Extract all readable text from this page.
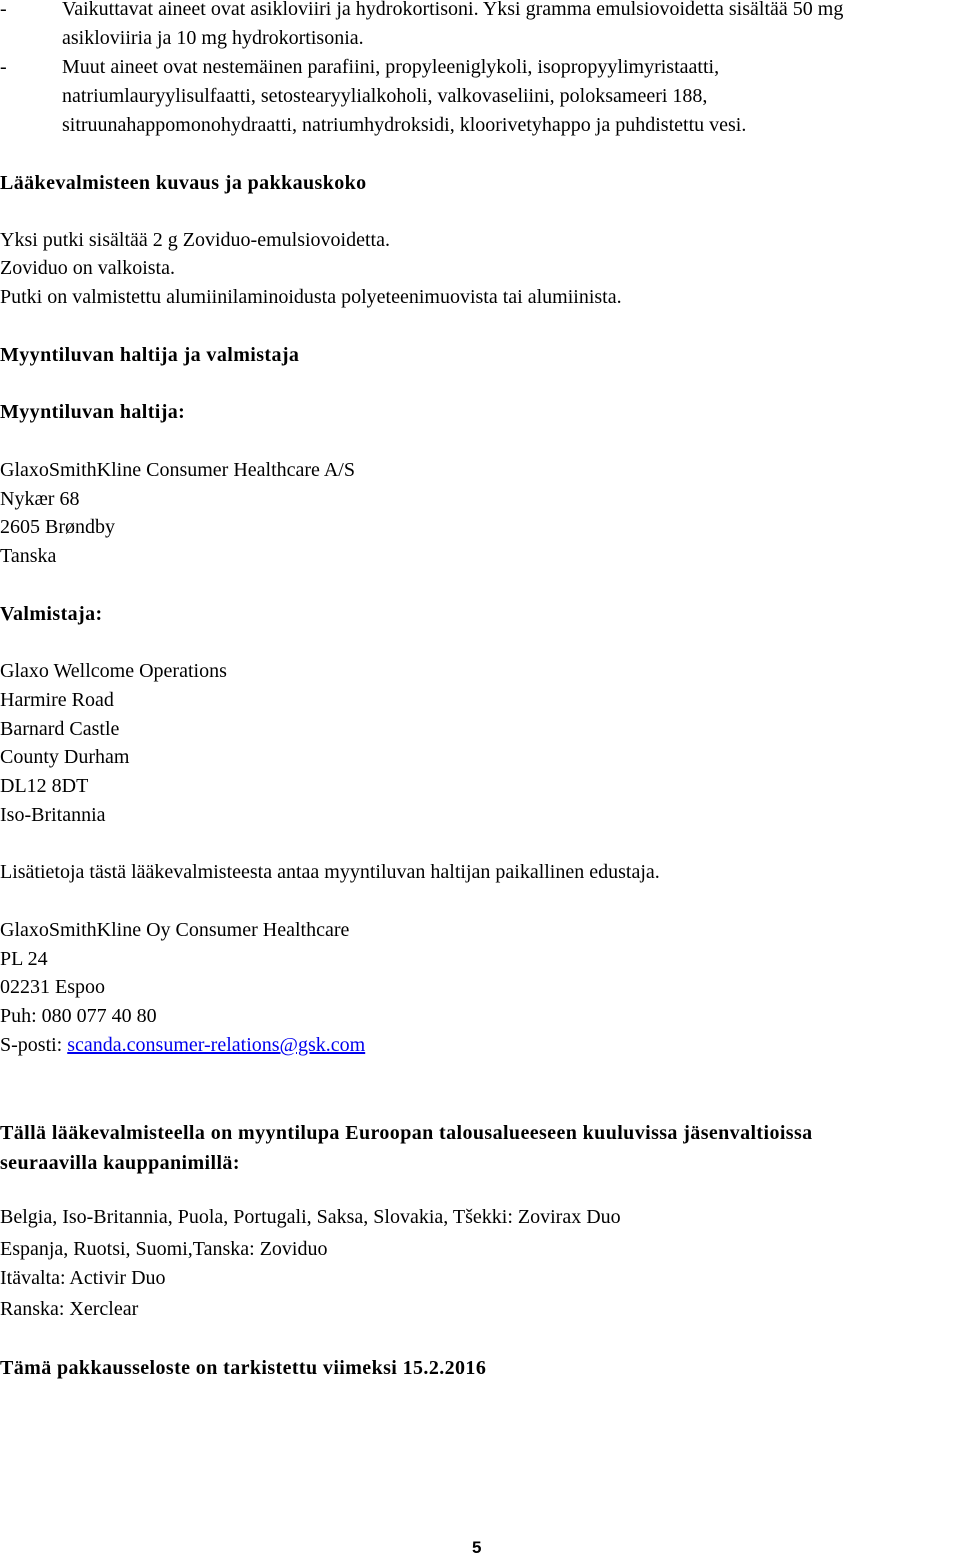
-	Vaikuttavat aineet ovat asikloviiri ja hydrokortisoni. Yksi gramma emulsiovoidetta sisältää 50 mg
asikloviiria ja 10 mg hydrokortisonia.
-	Muut aineet ovat nestemäinen parafiini, propyleeniglykoli, isopropyylimyristaatti,
natriumlauryylisulfaatti, setostearyylialkoholi, valkovaseliini, poloksameeri 188,
sitruunahappomonohydraatti, natriumhydroksidi, kloorivetyhappo ja puhdistettu vesi.
Lääkevalmisteen kuvaus ja pakkauskoko
Yksi putki sisältää 2 g Zoviduo-emulsiovoidetta.
Zoviduo on valkoista.
Putki on valmistettu alumiinilaminoidusta polyeteenimuovista tai alumiinista.
Myyntiluvan haltija ja valmistaja
Myyntiluvan haltija:
GlaxoSmithKline Consumer Healthcare A/S
Nykær 68
2605 Brøndby
Tanska
Valmistaja:
Glaxo Wellcome Operations
Harmire Road
Barnard Castle
County Durham
DL12 8DT
Iso-Britannia
Lisätietoja tästä lääkevalmisteesta antaa myyntiluvan haltijan paikallinen edustaja.
GlaxoSmithKline Oy Consumer Healthcare
PL 24
02231 Espoo
Puh: 080 077 40 80
S-posti: scanda.consumer-relations@gsk.com
Tällä lääkevalmisteella on myyntilupa Euroopan talousalueeseen kuuluvissa jäsenvaltioissa
seuraavilla kauppanimillä:
Belgia, Iso-Britannia, Puola, Portugali, Saksa, Slovakia, Tšekki: Zovirax Duo
Espanja, Ruotsi, Suomi,Tanska: Zoviduo
Itävalta: Activir Duo
Ranska: Xerclear
Tämä pakkausseloste on tarkistettu viimeksi 15.2.2016
5
